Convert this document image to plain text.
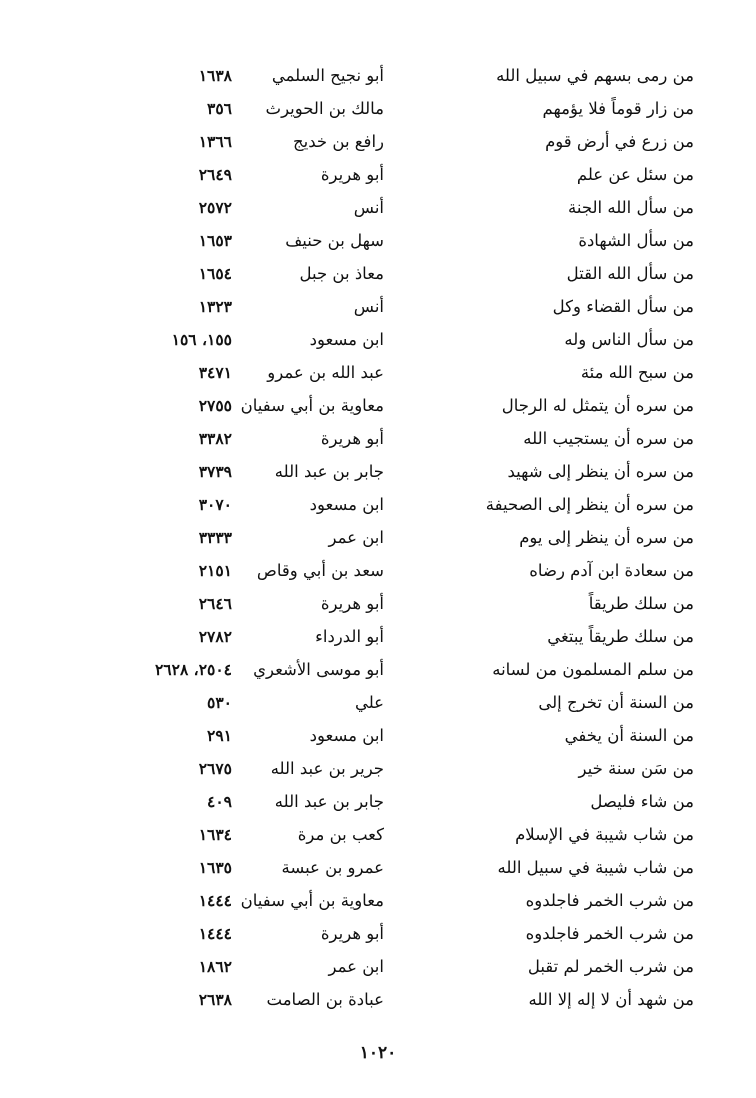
من رمى بسهم في سبيل الله
أبو نجيح السلمي
١٦٣٨
من زار قوماً فلا يؤمهم
مالك بن الحويرث
٣٥٦
من زرع في أرض قوم
رافع بن خديج
١٣٦٦
من سئل عن علم
أبو هريرة
٢٦٤٩
من سأل الله الجنة
أنس
٢٥٧٢
من سأل الشهادة
سهل بن حنيف
١٦٥٣
من سأل الله القتل
معاذ بن جبل
١٦٥٤
من سأل القضاء وكل
أنس
١٣٢٣
من سأل الناس وله
ابن مسعود
١٥٥، ١٥٦
من سبح الله مئة
عبد الله بن عمرو
٣٤٧١
من سره أن يتمثل له الرجال
معاوية بن أبي سفيان
٢٧٥٥
من سره أن يستجيب الله
أبو هريرة
٣٣٨٢
من سره أن ينظر إلى شهيد
جابر بن عبد الله
٣٧٣٩
من سره أن ينظر إلى الصحيفة
ابن مسعود
٣٠٧٠
من سره أن ينظر إلى يوم
ابن عمر
٣٣٣٣
من سعادة ابن آدم رضاه
سعد بن أبي وقاص
٢١٥١
من سلك طريقاً
أبو هريرة
٢٦٤٦
من سلك طريقاً يبتغي
أبو الدرداء
٢٧٨٢
من سلم المسلمون من لسانه
أبو موسى الأشعري
٢٥٠٤، ٢٦٢٨
من السنة أن تخرج إلى
علي
٥٣٠
من السنة أن يخفي
ابن مسعود
٢٩١
من سَن سنة خير
جرير بن عبد الله
٢٦٧٥
من شاء فليصل
جابر بن عبد الله
٤٠٩
من شاب شيبة في الإسلام
كعب بن مرة
١٦٣٤
من شاب شيبة في سبيل الله
عمرو بن عبسة
١٦٣٥
من شرب الخمر فاجلدوه
معاوية بن أبي سفيان
١٤٤٤
من شرب الخمر فاجلدوه
أبو هريرة
١٤٤٤
من شرب الخمر لم تقبل
ابن عمر
١٨٦٢
من شهد أن لا إله إلا الله
عبادة بن الصامت
٢٦٣٨
١٠٢٠
